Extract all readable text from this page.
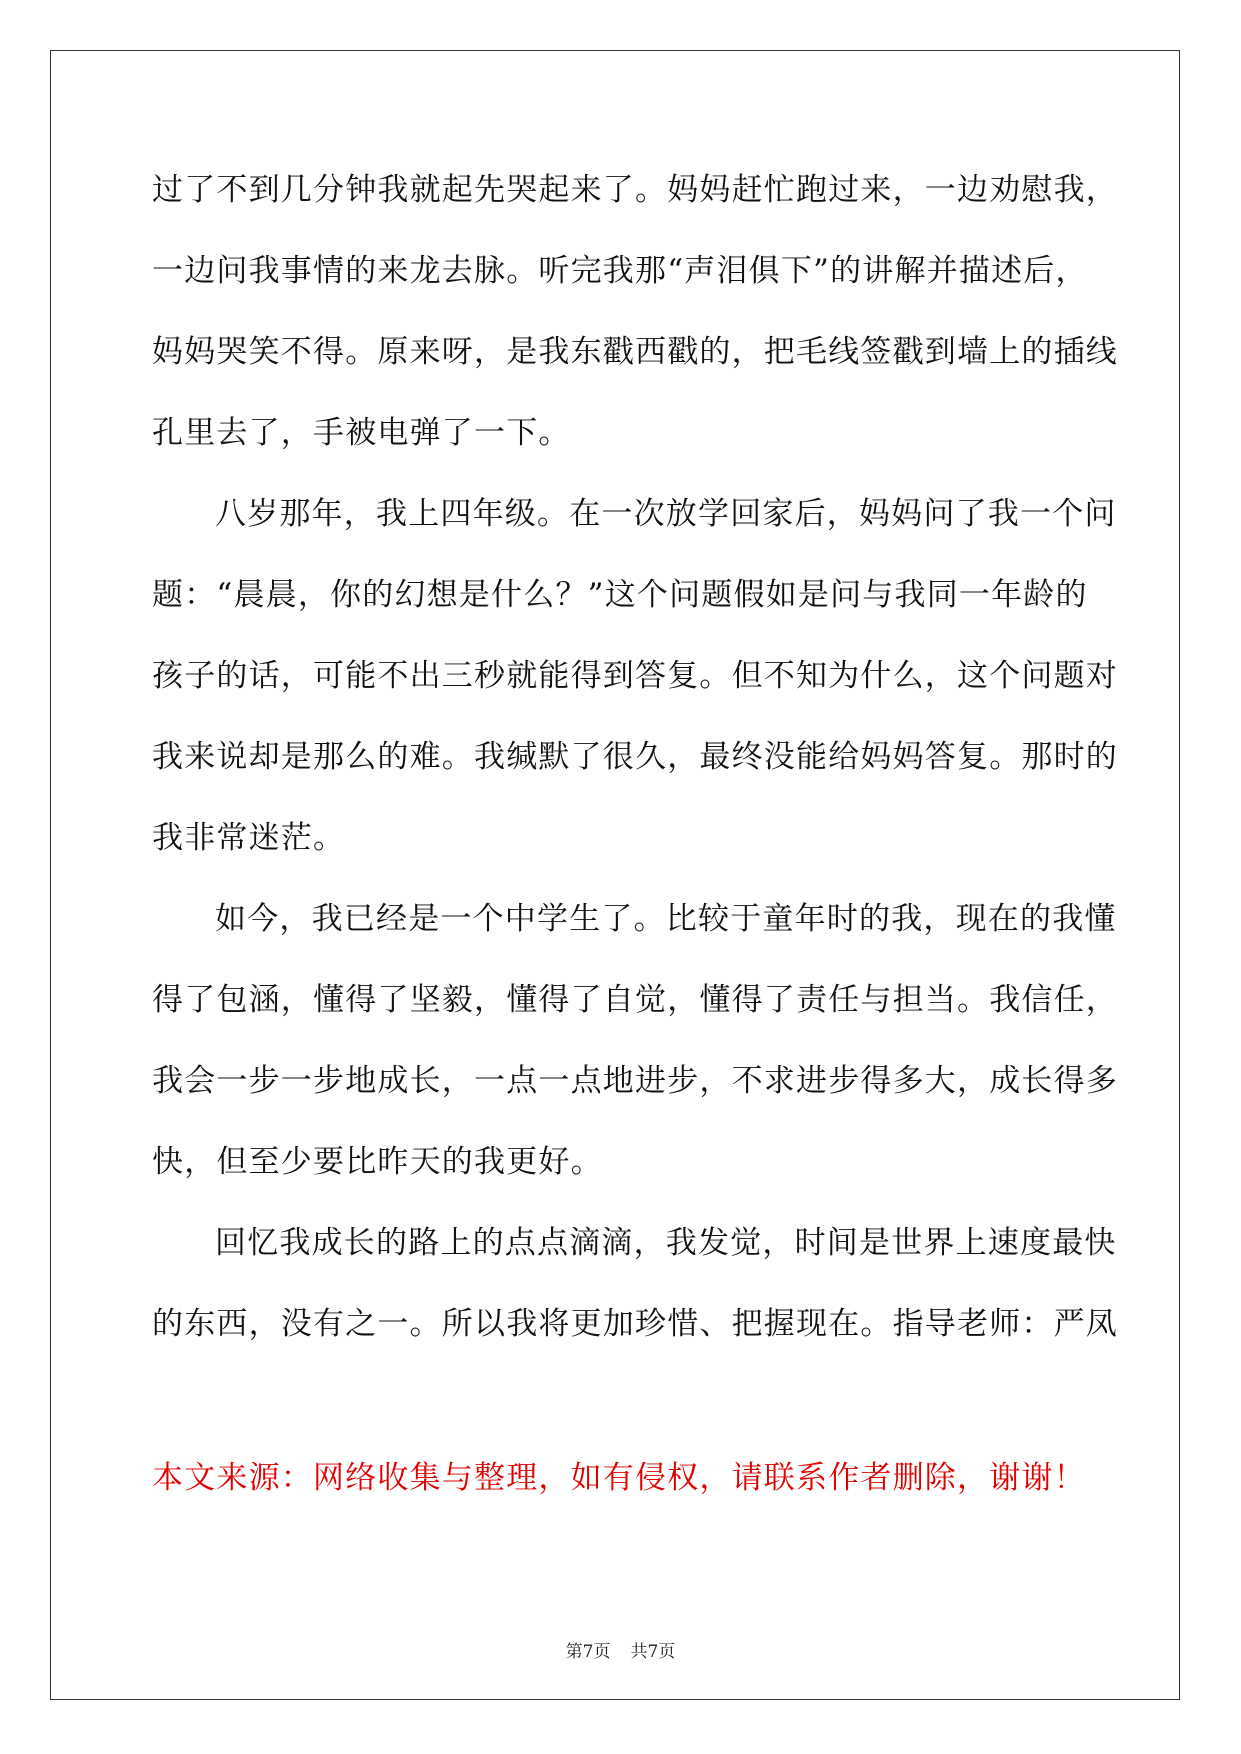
过了不到几分钟我就起先哭起来了。妈妈赶忙跑过来，一边劝慰我，
一边问我事情的来龙去脉。听完我那“声泪俱下”的讲解并描述后，
妈妈哭笑不得。原来呀，是我东戳西戳的，把毛线签戳到墙上的插线
孔里去了，手被电弹了一下。
八岁那年，我上四年级。在一次放学回家后，妈妈问了我一个问
题：“晨晨，你的幻想是什么？”这个问题假如是问与我同一年龄的
孩子的话，可能不出三秒就能得到答复。但不知为什么，这个问题对
我来说却是那么的难。我缄默了很久，最终没能给妈妈答复。那时的
我非常迷茫。
如今，我已经是一个中学生了。比较于童年时的我，现在的我懂
得了包涵，懂得了坚毅，懂得了自觉，懂得了责任与担当。我信任，
我会一步一步地成长，一点一点地进步，不求进步得多大，成长得多
快，但至少要比昨天的我更好。
回忆我成长的路上的点点滴滴，我发觉，时间是世界上速度最快
的东西，没有之一。所以我将更加珍惜、把握现在。指导老师：严凤
本文来源：网络收集与整理，如有侵权，请联系作者删除，谢谢！
第7页 共7页
